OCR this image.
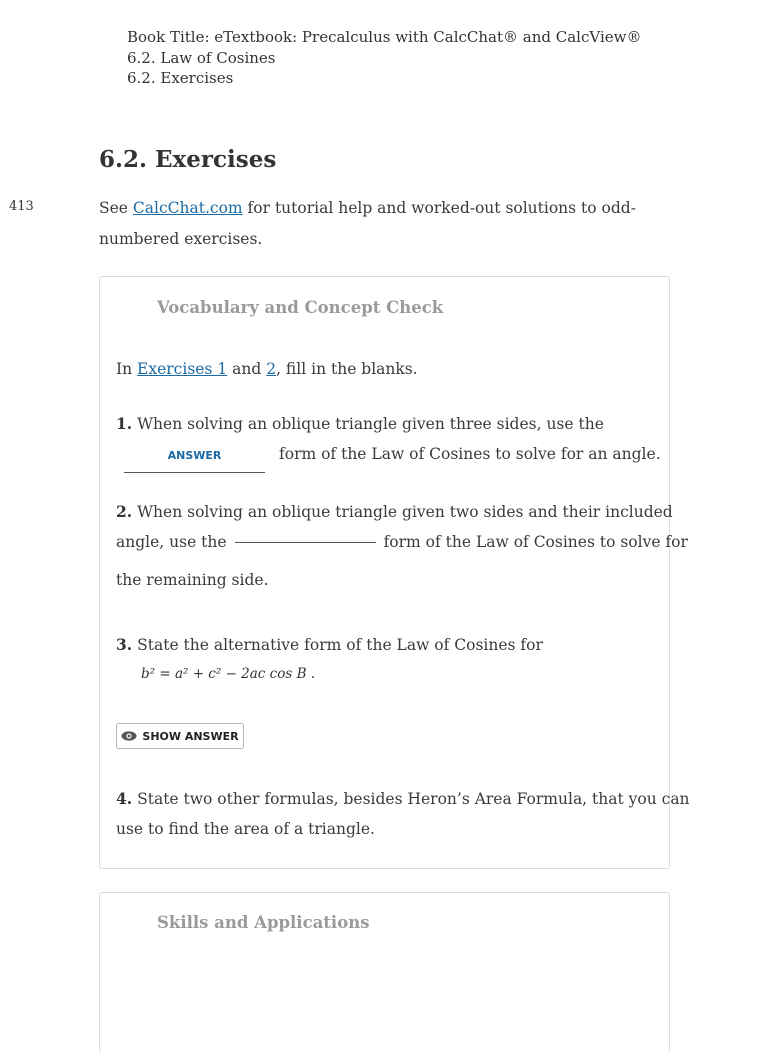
Book Title: eTextbook: Precalculus with CalcChat® and CalcView®
6.2. Law of Cosines
6.2. Exercises
6.2. Exercises
413	See CalcChat.com for tutorial help and worked-out solutions to odd-numbered exercises.
Vocabulary and Concept Check
In Exercises 1 and 2, fill in the blanks.
1. When solving an oblique triangle given three sides, use the
ANSWER	form of the Law of Cosines to solve for an angle.
2. When solving an oblique triangle given two sides and their included
angle, use the	form of the Law of Cosines to solve for
the remaining side.
3. State the alternative form of the Law of Cosines for
b² = a² + c² − 2ac cos B .
SHOW ANSWER
4. State two other formulas, besides Heron’s Area Formula, that you can
use to find the area of a triangle.
Skills and Applications
